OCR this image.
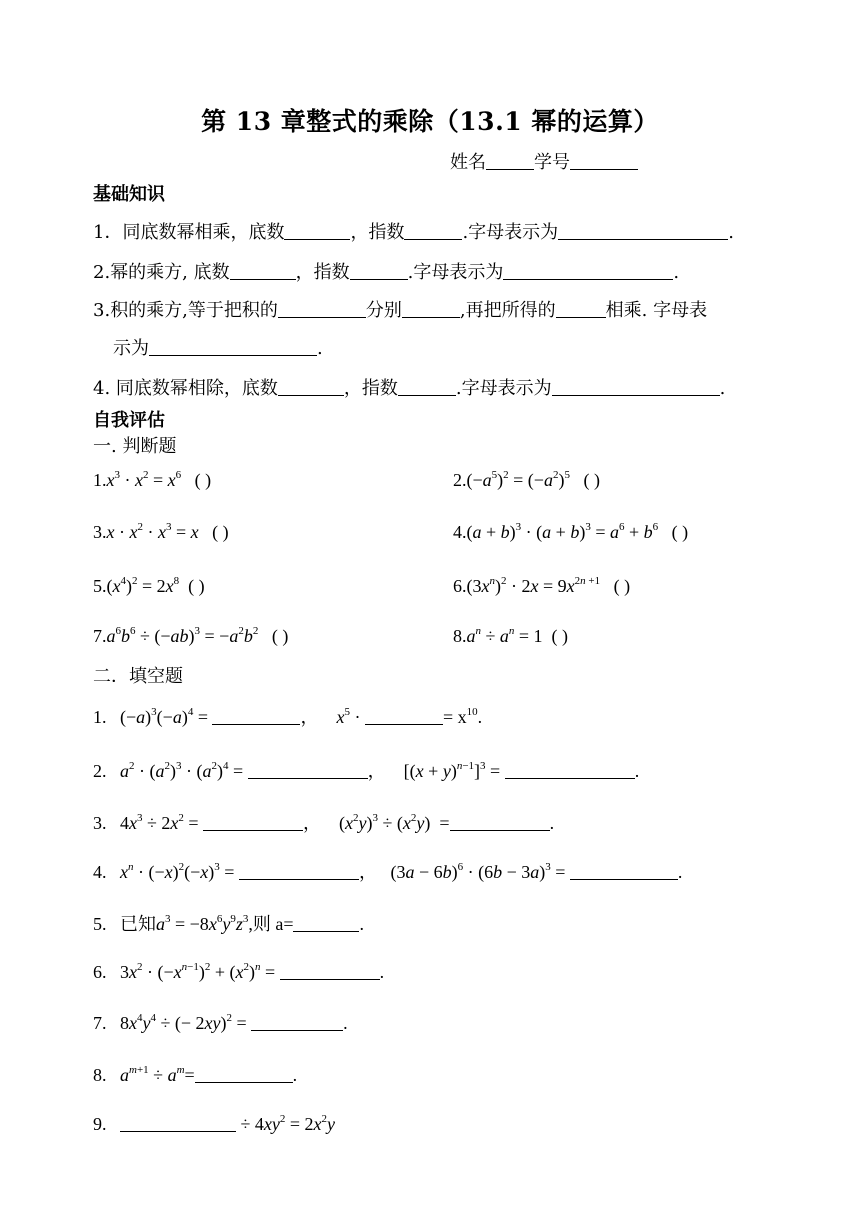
第 13 章整式的乘除（13.1 幂的运算）
姓名	学号
基础知识
1．同底数幂相乘，底数	，指数	.字母表示为	.
2.幂的乘方, 底数	，指数	.字母表示为	.
3.积的乘方,等于把积的	分别	,再把所得的	相乘. 字母表
示为	.
4. 同底数幂相除，底数	，指数	.字母表示为	.
自我评估
一. 判断题
$1.x^3 \cdot x^2 = x^6$ ( )	$2.(-a^5)^2 = (-a^2)^5$ ( )
$3.x \cdot x^2 \cdot x^3 = x$ ( )	$4.(a + b)^3 \cdot (a + b)^3 = a^6 + b^6$ ( )
$5.(x^4)^2 = 2x^8$ ( )	$6.(3x^n)^2 \cdot 2x = 9x^{2n +1}$ ( )
$7.a^6b^6 \div (-ab)^3 = -a^2b^2$ ( )	$8.a^n \div a^n = 1$  ( )
二．填空题
1.   $(-a)^3(-a)^4$ =	，    $x^5$ ·	= $x^{10}$.
2.   $a^2 \cdot (a^2)^3 \cdot (a^2)^4$ =	，    $[(x + y)^{n-1}]^3$ =	.
3.   $4x^3 \div 2x^2$ =	，    $(x^2y)^3 \div (x^2y)$  =	.
4.   $x^n \cdot (-x)^2(-x)^3$ =	，   $(3a - 6b)^6 \cdot (6b - 3a)^3$ =	.
5.   已知$a^3 = -8x^6y^9z^3$,则 a=	.
6.   $3x^2 \cdot (-x^{n-1})^2 + (x^2)^n$ =	.
7.   $8x^4y^4$ ÷ (− 2xy)$^2$ =	.
8.   $a^{m+1} \div a^m=$	.
9.	÷ $4xy^2 = 2x^2y$
